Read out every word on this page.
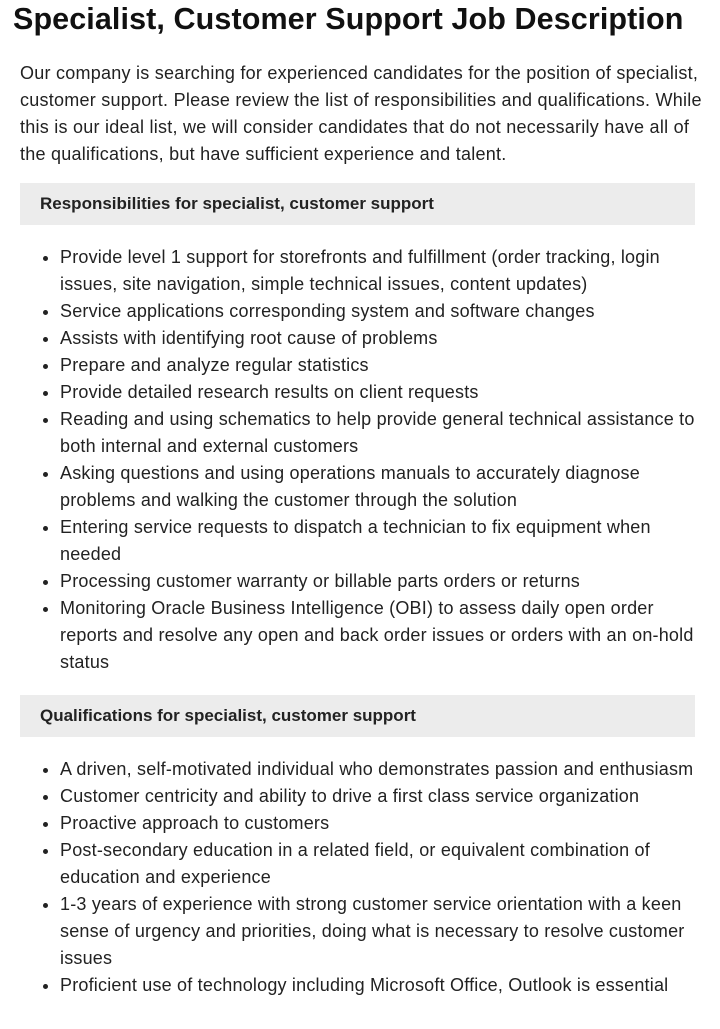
Specialist, Customer Support Job Description

Our company is searching for experienced candidates for the position of specialist, customer support. Please review the list of responsibilities and qualifications. While this is our ideal list, we will consider candidates that do not necessarily have all of the qualifications, but have sufficient experience and talent.

Responsibilities for specialist, customer support
• Provide level 1 support for storefronts and fulfillment (order tracking, login issues, site navigation, simple technical issues, content updates)
• Service applications corresponding system and software changes
• Assists with identifying root cause of problems
• Prepare and analyze regular statistics
• Provide detailed research results on client requests
• Reading and using schematics to help provide general technical assistance to both internal and external customers
• Asking questions and using operations manuals to accurately diagnose problems and walking the customer through the solution
• Entering service requests to dispatch a technician to fix equipment when needed
• Processing customer warranty or billable parts orders or returns
• Monitoring Oracle Business Intelligence (OBI) to assess daily open order reports and resolve any open and back order issues or orders with an on-hold status
Qualifications for specialist, customer support
• A driven, self-motivated individual who demonstrates passion and enthusiasm
• Customer centricity and ability to drive a first class service organization
• Proactive approach to customers
• Post-secondary education in a related field, or equivalent combination of education and experience
• 1-3 years of experience with strong customer service orientation with a keen sense of urgency and priorities, doing what is necessary to resolve customer issues
• Proficient use of technology including Microsoft Office, Outlook is essential
